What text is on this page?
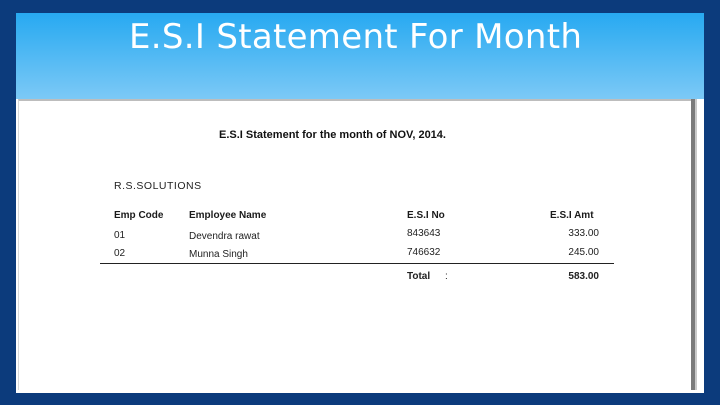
E.S.I Statement For Month
E.S.I Statement for the month of NOV, 2014.
R.S.SOLUTIONS
Emp Code	Employee Name	E.S.I No	E.S.I Amt
01	Devendra rawat	843643	333.00
02	Munna Singh	746632	245.00
Total :	583.00
